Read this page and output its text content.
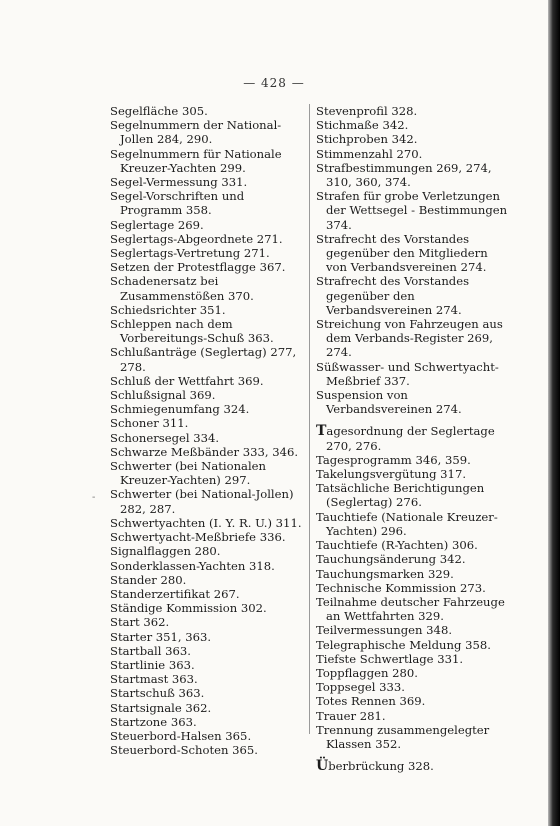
— 428 —

Segelfläche 305.

Segelnummern der National-Jollen 284, 290.

Segelnummern für Nationale Kreuzer-Yachten 299.

Segel-Vermessung 331.

Segel-Vorschriften und Programm 358.

Seglertage 269.

Seglertags-Abgeordnete 271.

Seglertags-Vertretung 271.

Setzen der Protestflagge 367.

Schadenersatz bei Zusammenstößen 370.

Schiedsrichter 351.

Schleppen nach dem Vorbereitungs-Schuß 363.

Schlußanträge (Seglertag) 277, 278.

Schluß der Wettfahrt 369.

Schlußsignal 369.

Schmiegenumfang 324.

Schoner 311.

Schonersegel 334.

Schwarze Meßbänder 333, 346.

Schwerter (bei Nationalen Kreuzer-Yachten) 297.

Schwerter (bei National-Jollen) 282, 287.

Schwertyachten (I. Y. R. U.) 311.

Schwertyacht-Meßbriefe 336.

Signalflaggen 280.

Sonderklassen-Yachten 318.

Stander 280.

Standerzertifikat 267.

Ständige Kommission 302.

Start 362.

Starter 351, 363.

Startball 363.

Startlinie 363.

Startmast 363.

Startschuß 363.

Startsignale 362.

Startzone 363.

Steuerbord-Halsen 365.

Steuerbord-Schoten 365.

Stevenprofil 328.

Stichmaße 342.

Stichproben 342.

Stimmenzahl 270.

Strafbestimmungen 269, 274, 310, 360, 374.

Strafen für grobe Verletzungen der Wettsegel - Bestimmungen 374.

Strafrecht des Vorstandes gegenüber den Mitgliedern von Verbandsvereinen 274.

Strafrecht des Vorstandes gegenüber den Verbandsvereinen 274.

Streichung von Fahrzeugen aus dem Verbands-Register 269, 274.

Süßwasser- und Schwertyacht-Meßbrief 337.

Suspension von Verbandsvereinen 274.

Tagesordnung der Seglertage 270, 276.

Tagesprogramm 346, 359.

Takelungsvergütung 317.

Tatsächliche Berichtigungen (Seglertag) 276.

Tauchtiefe (Nationale Kreuzer-Yachten) 296.

Tauchtiefe (R-Yachten) 306.

Tauchungsänderung 342.

Tauchungsmarken 329.

Technische Kommission 273.

Teilnahme deutscher Fahrzeuge an Wettfahrten 329.

Teilvermessungen 348.

Telegraphische Meldung 358.

Tiefste Schwertlage 331.

Toppflaggen 280.

Toppsegel 333.

Totes Rennen 369.

Trauer 281.

Trennung zusammengelegter Klassen 352.

Überbrückung 328.

-
